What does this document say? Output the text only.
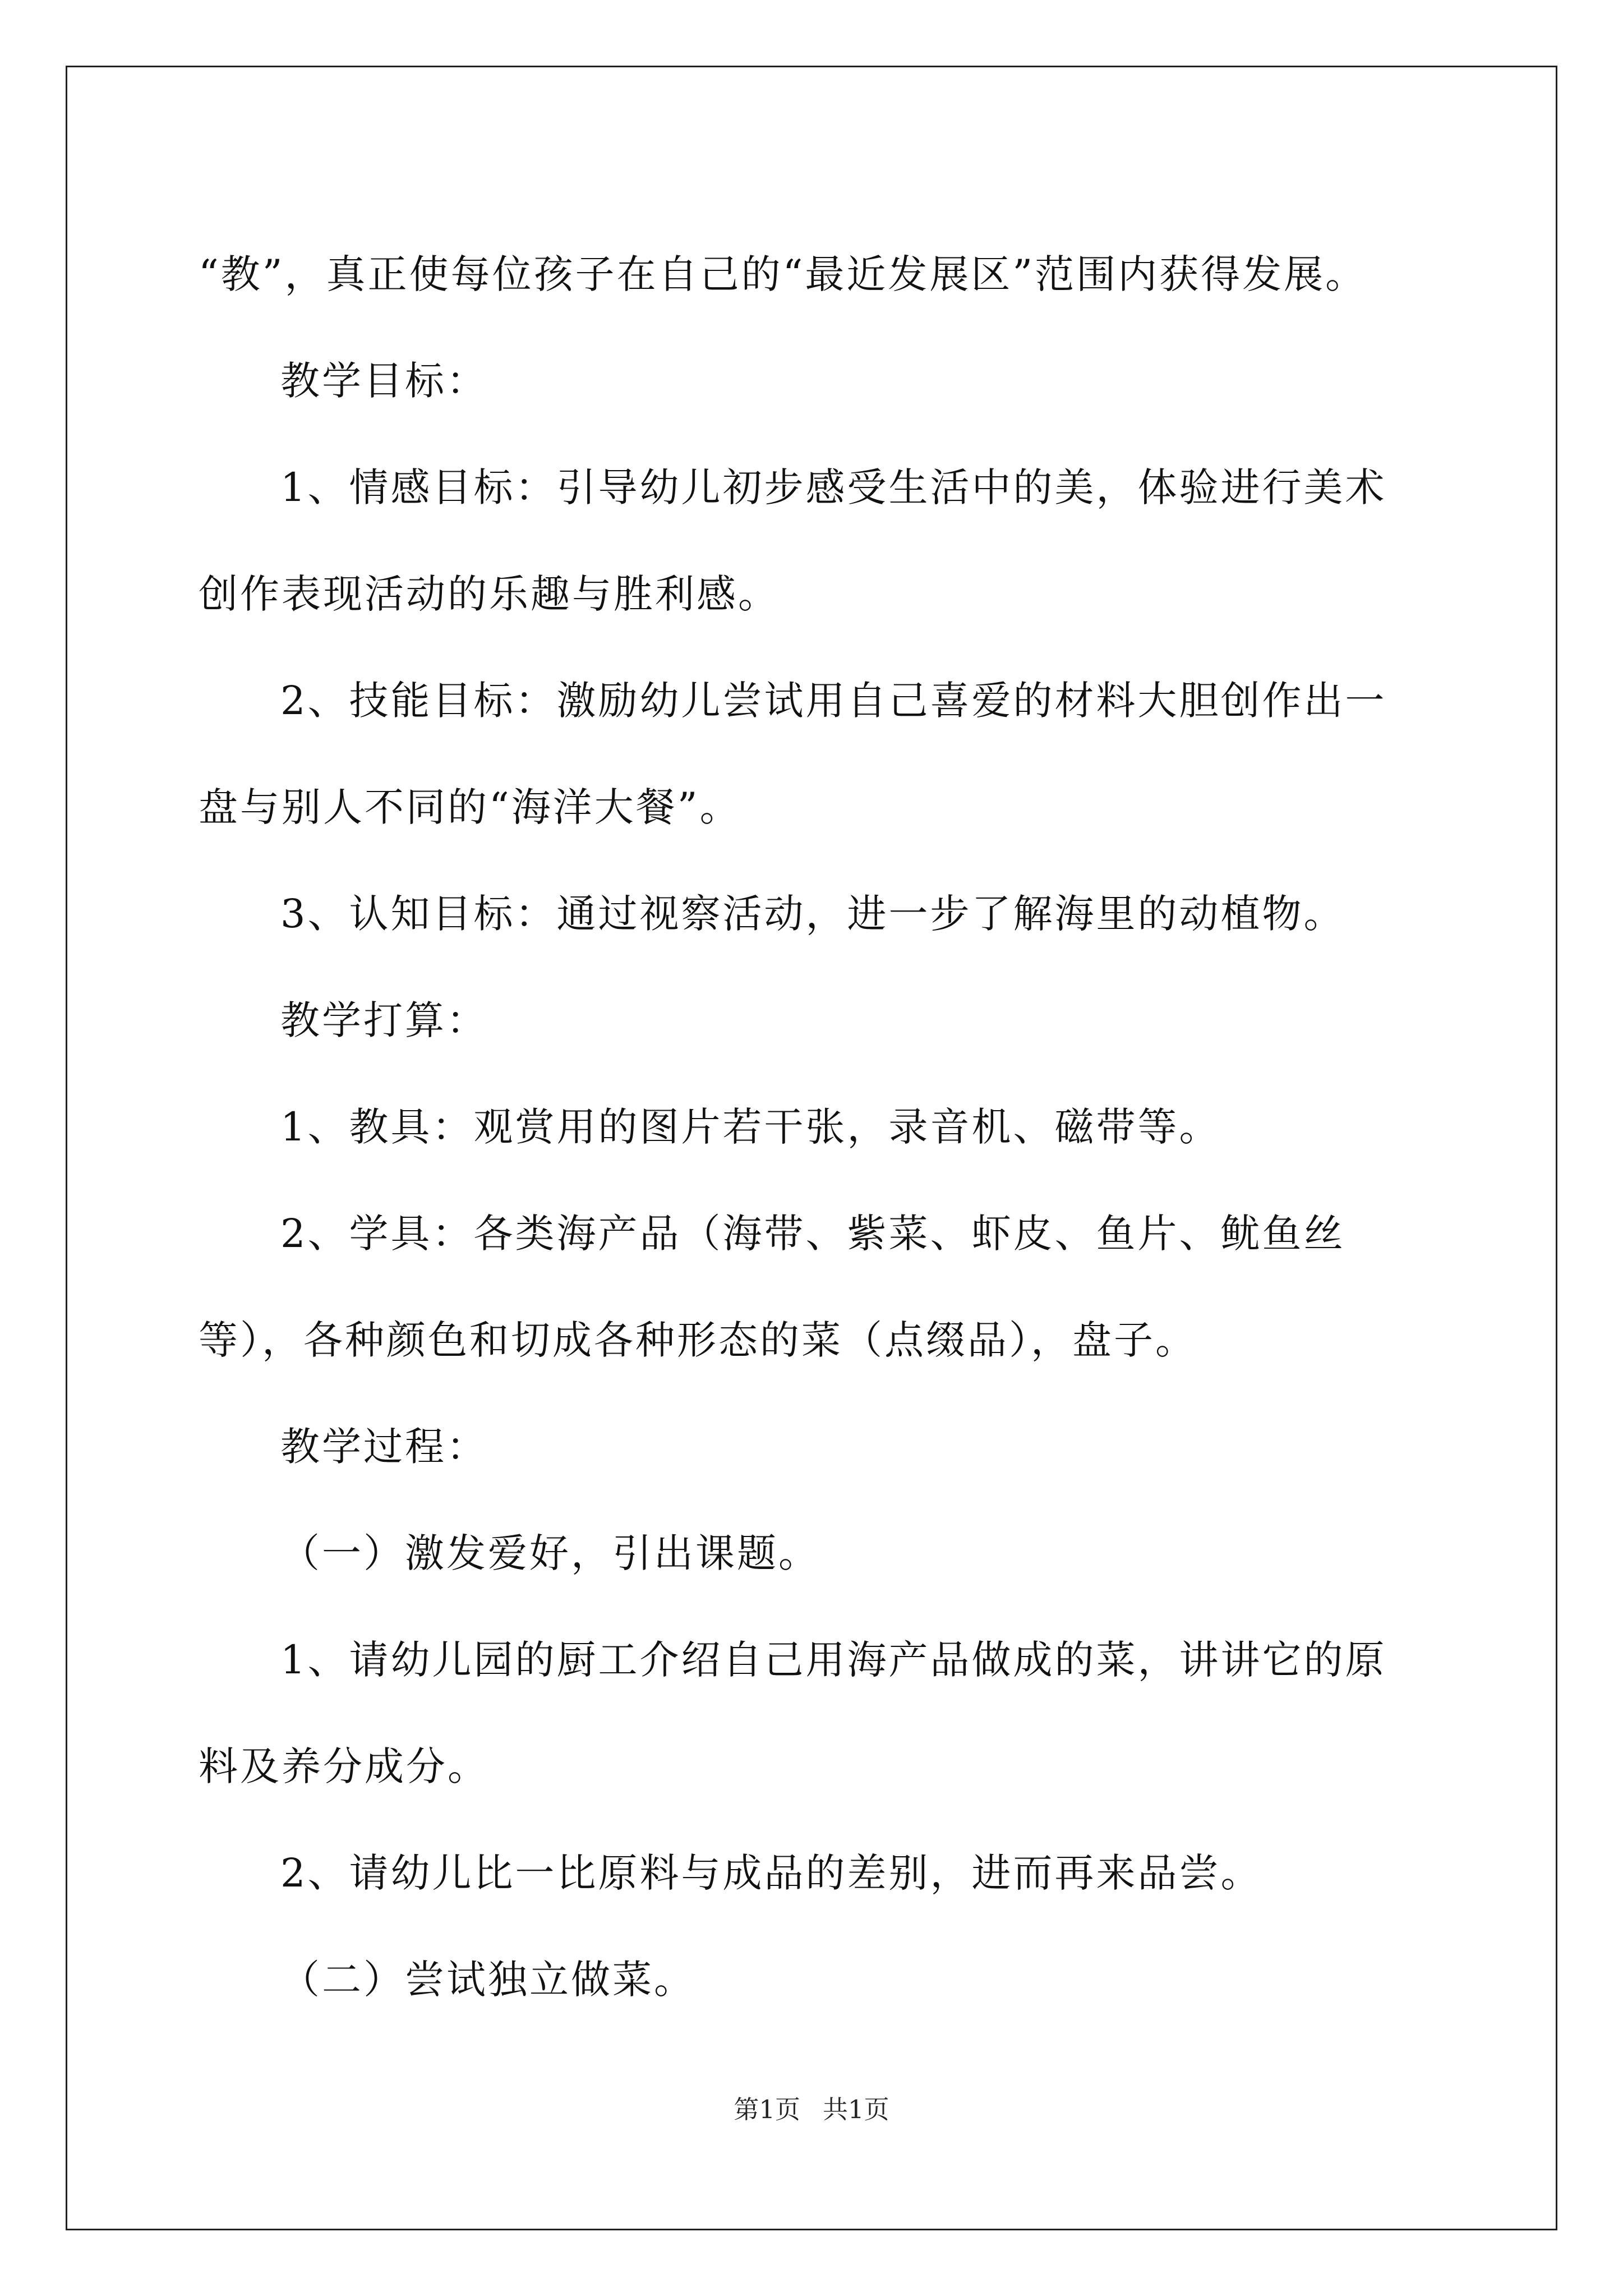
“教”，真正使每位孩子在自己的“最近发展区”范围内获得发展。

教学目标：

1、情感目标：引导幼儿初步感受生活中的美，体验进行美术创作表现活动的乐趣与胜利感。

2、技能目标：激励幼儿尝试用自己喜爱的材料大胆创作出一盘与别人不同的“海洋大餐”。

3、认知目标：通过视察活动，进一步了解海里的动植物。

教学打算：

1、教具：观赏用的图片若干张，录音机、磁带等。

2、学具：各类海产品（海带、紫菜、虾皮、鱼片、鱿鱼丝等），各种颜色和切成各种形态的菜（点缀品），盘子。

教学过程：

（一）激发爱好，引出课题。

1、请幼儿园的厨工介绍自己用海产品做成的菜，讲讲它的原料及养分成分。

2、请幼儿比一比原料与成品的差别，进而再来品尝。

（二）尝试独立做菜。

第1页 共1页
